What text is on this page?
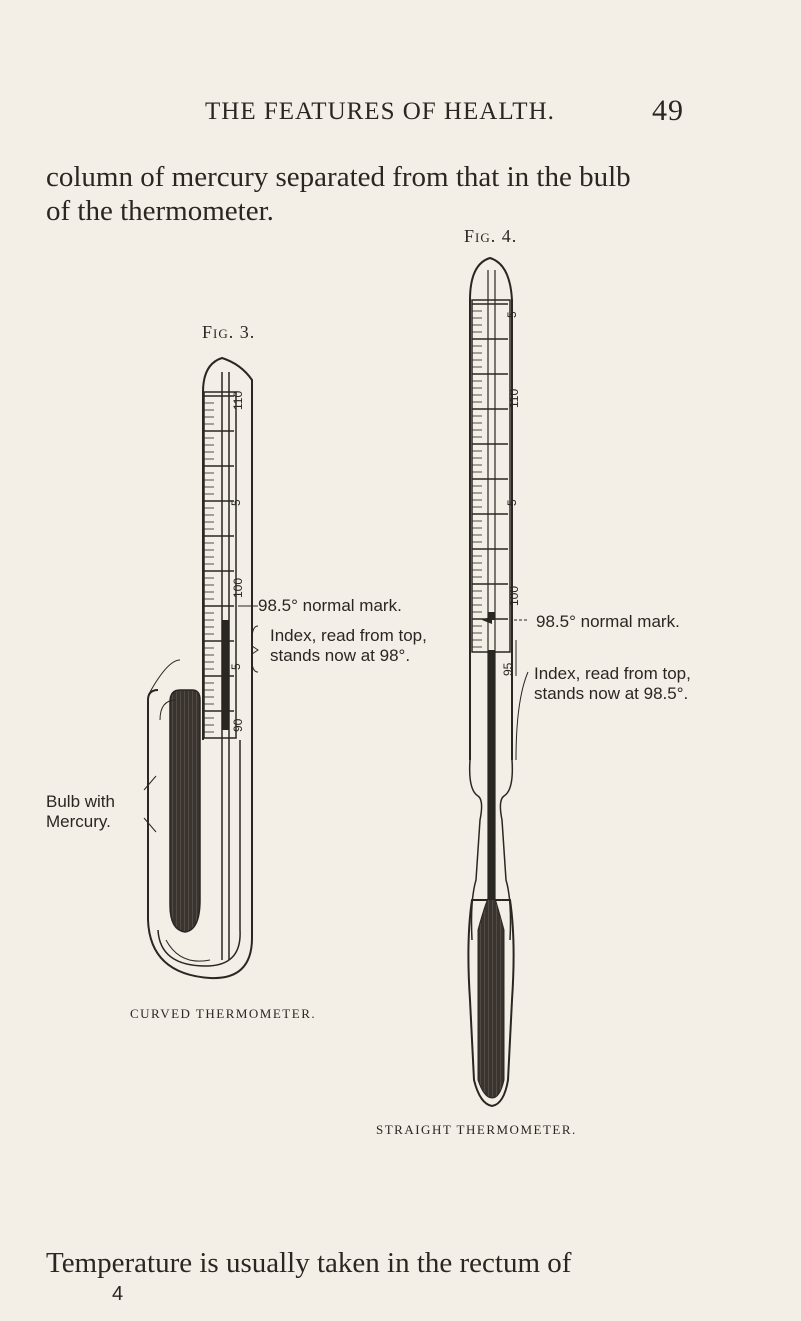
THE FEATURES OF HEALTH.	49
column of mercury separated from that in the bulb
of the thermometer.
Fig. 4.
Fig. 3.
110
5
100
5
90
5
110
5
100
95
98.5° normal mark.
Index, read from top,
stands now at 98°.
Bulb with
Mercury.
CURVED THERMOMETER.
98.5° normal mark.
Index, read from top,
stands now at 98.5°.
STRAIGHT THERMOMETER.
Temperature is usually taken in the rectum of
4
